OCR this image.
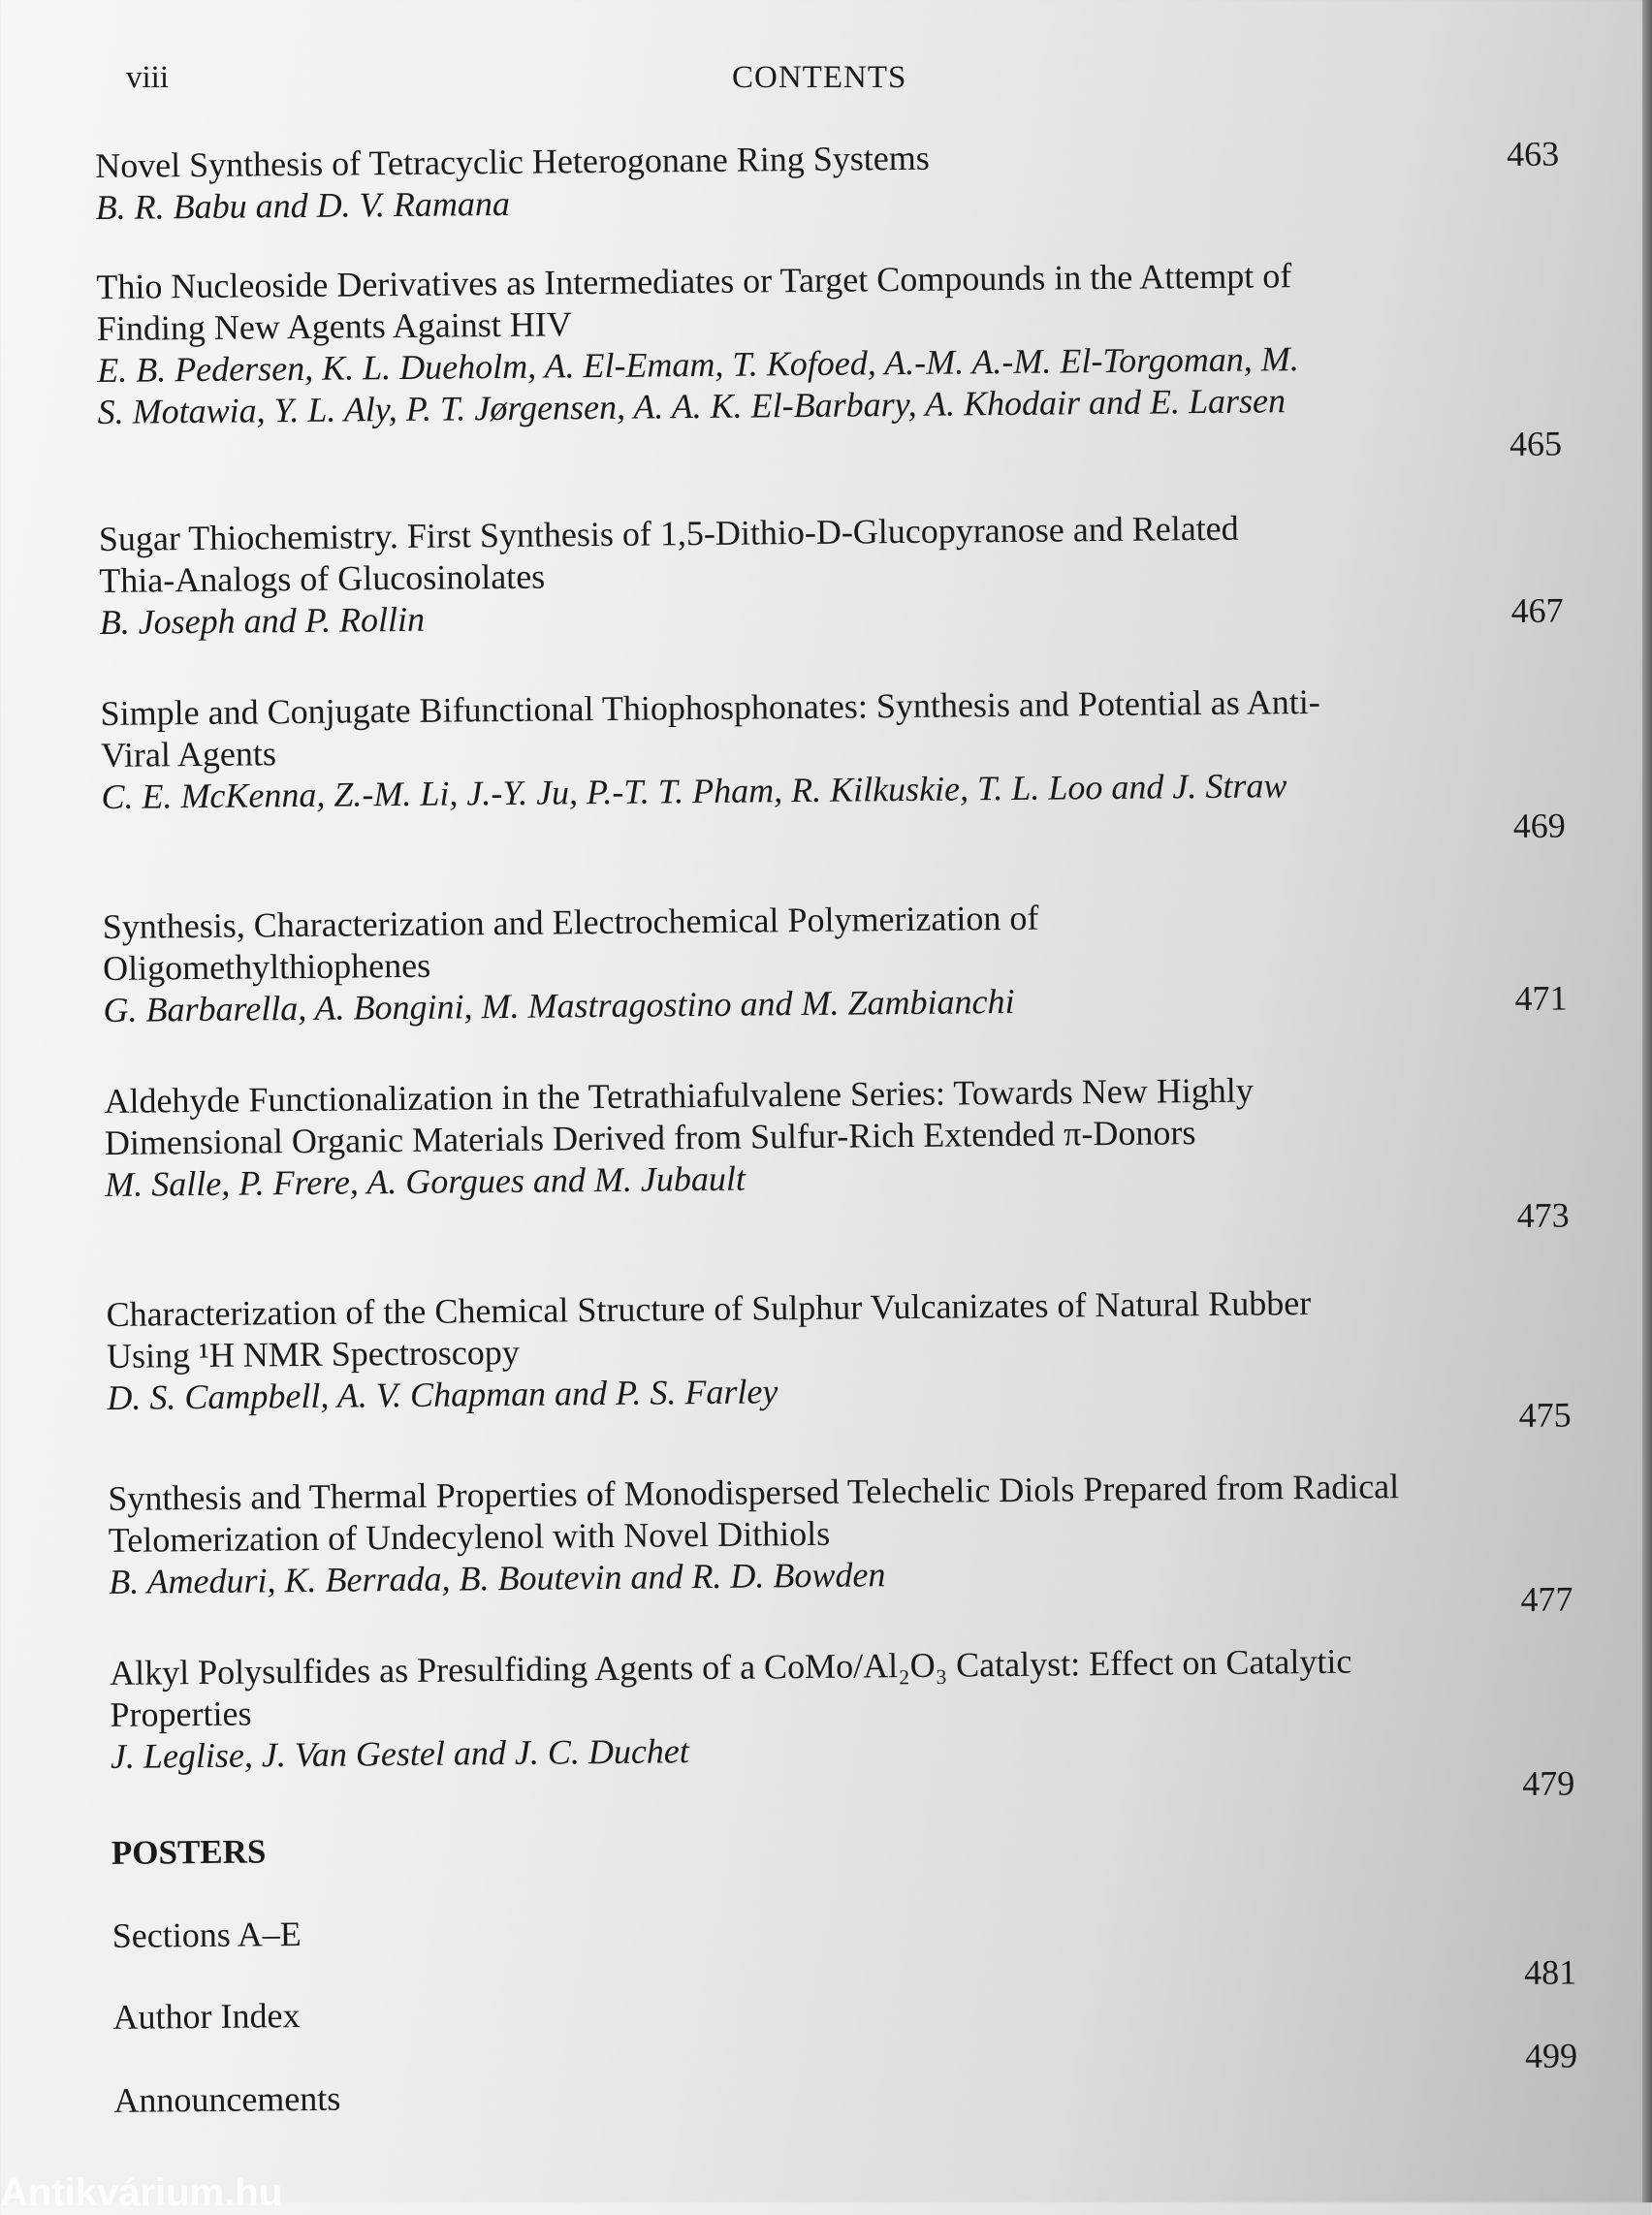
viii	CONTENTS
Novel Synthesis of Tetracyclic Heterogonane Ring Systems
B. R. Babu and D. V. Ramana
463
Thio Nucleoside Derivatives as Intermediates or Target Compounds in the Attempt of Finding New Agents Against HIV
E. B. Pedersen, K. L. Dueholm, A. El-Emam, T. Kofoed, A.-M. A.-M. El-Torgoman, M. S. Motawia, Y. L. Aly, P. T. Jørgensen, A. A. K. El-Barbary, A. Khodair and E. Larsen
465
Sugar Thiochemistry. First Synthesis of 1,5-Dithio-D-Glucopyranose and Related Thia-Analogs of Glucosinolates
B. Joseph and P. Rollin	467
Simple and Conjugate Bifunctional Thiophosphonates: Synthesis and Potential as Anti-Viral Agents
C. E. McKenna, Z.-M. Li, J.-Y. Ju, P.-T. T. Pham, R. Kilkuskie, T. L. Loo and J. Straw
469
Synthesis, Characterization and Electrochemical Polymerization of Oligomethylthiophenes
G. Barbarella, A. Bongini, M. Mastragostino and M. Zambianchi	471
Aldehyde Functionalization in the Tetrathiafulvalene Series: Towards New Highly Dimensional Organic Materials Derived from Sulfur-Rich Extended π-Donors
M. Salle, P. Frere, A. Gorgues and M. Jubault
473
Characterization of the Chemical Structure of Sulphur Vulcanizates of Natural Rubber Using ¹H NMR Spectroscopy
D. S. Campbell, A. V. Chapman and P. S. Farley	475
Synthesis and Thermal Properties of Monodispersed Telechelic Diols Prepared from Radical Telomerization of Undecylenol with Novel Dithiols
B. Ameduri, K. Berrada, B. Boutevin and R. D. Bowden	477
Alkyl Polysulfides as Presulfiding Agents of a CoMo/Al₂O₃ Catalyst: Effect on Catalytic Properties
J. Leglise, J. Van Gestel and J. C. Duchet
479
POSTERS
Sections A–E
481
Author Index
499
Announcements
Antikvárium.hu
